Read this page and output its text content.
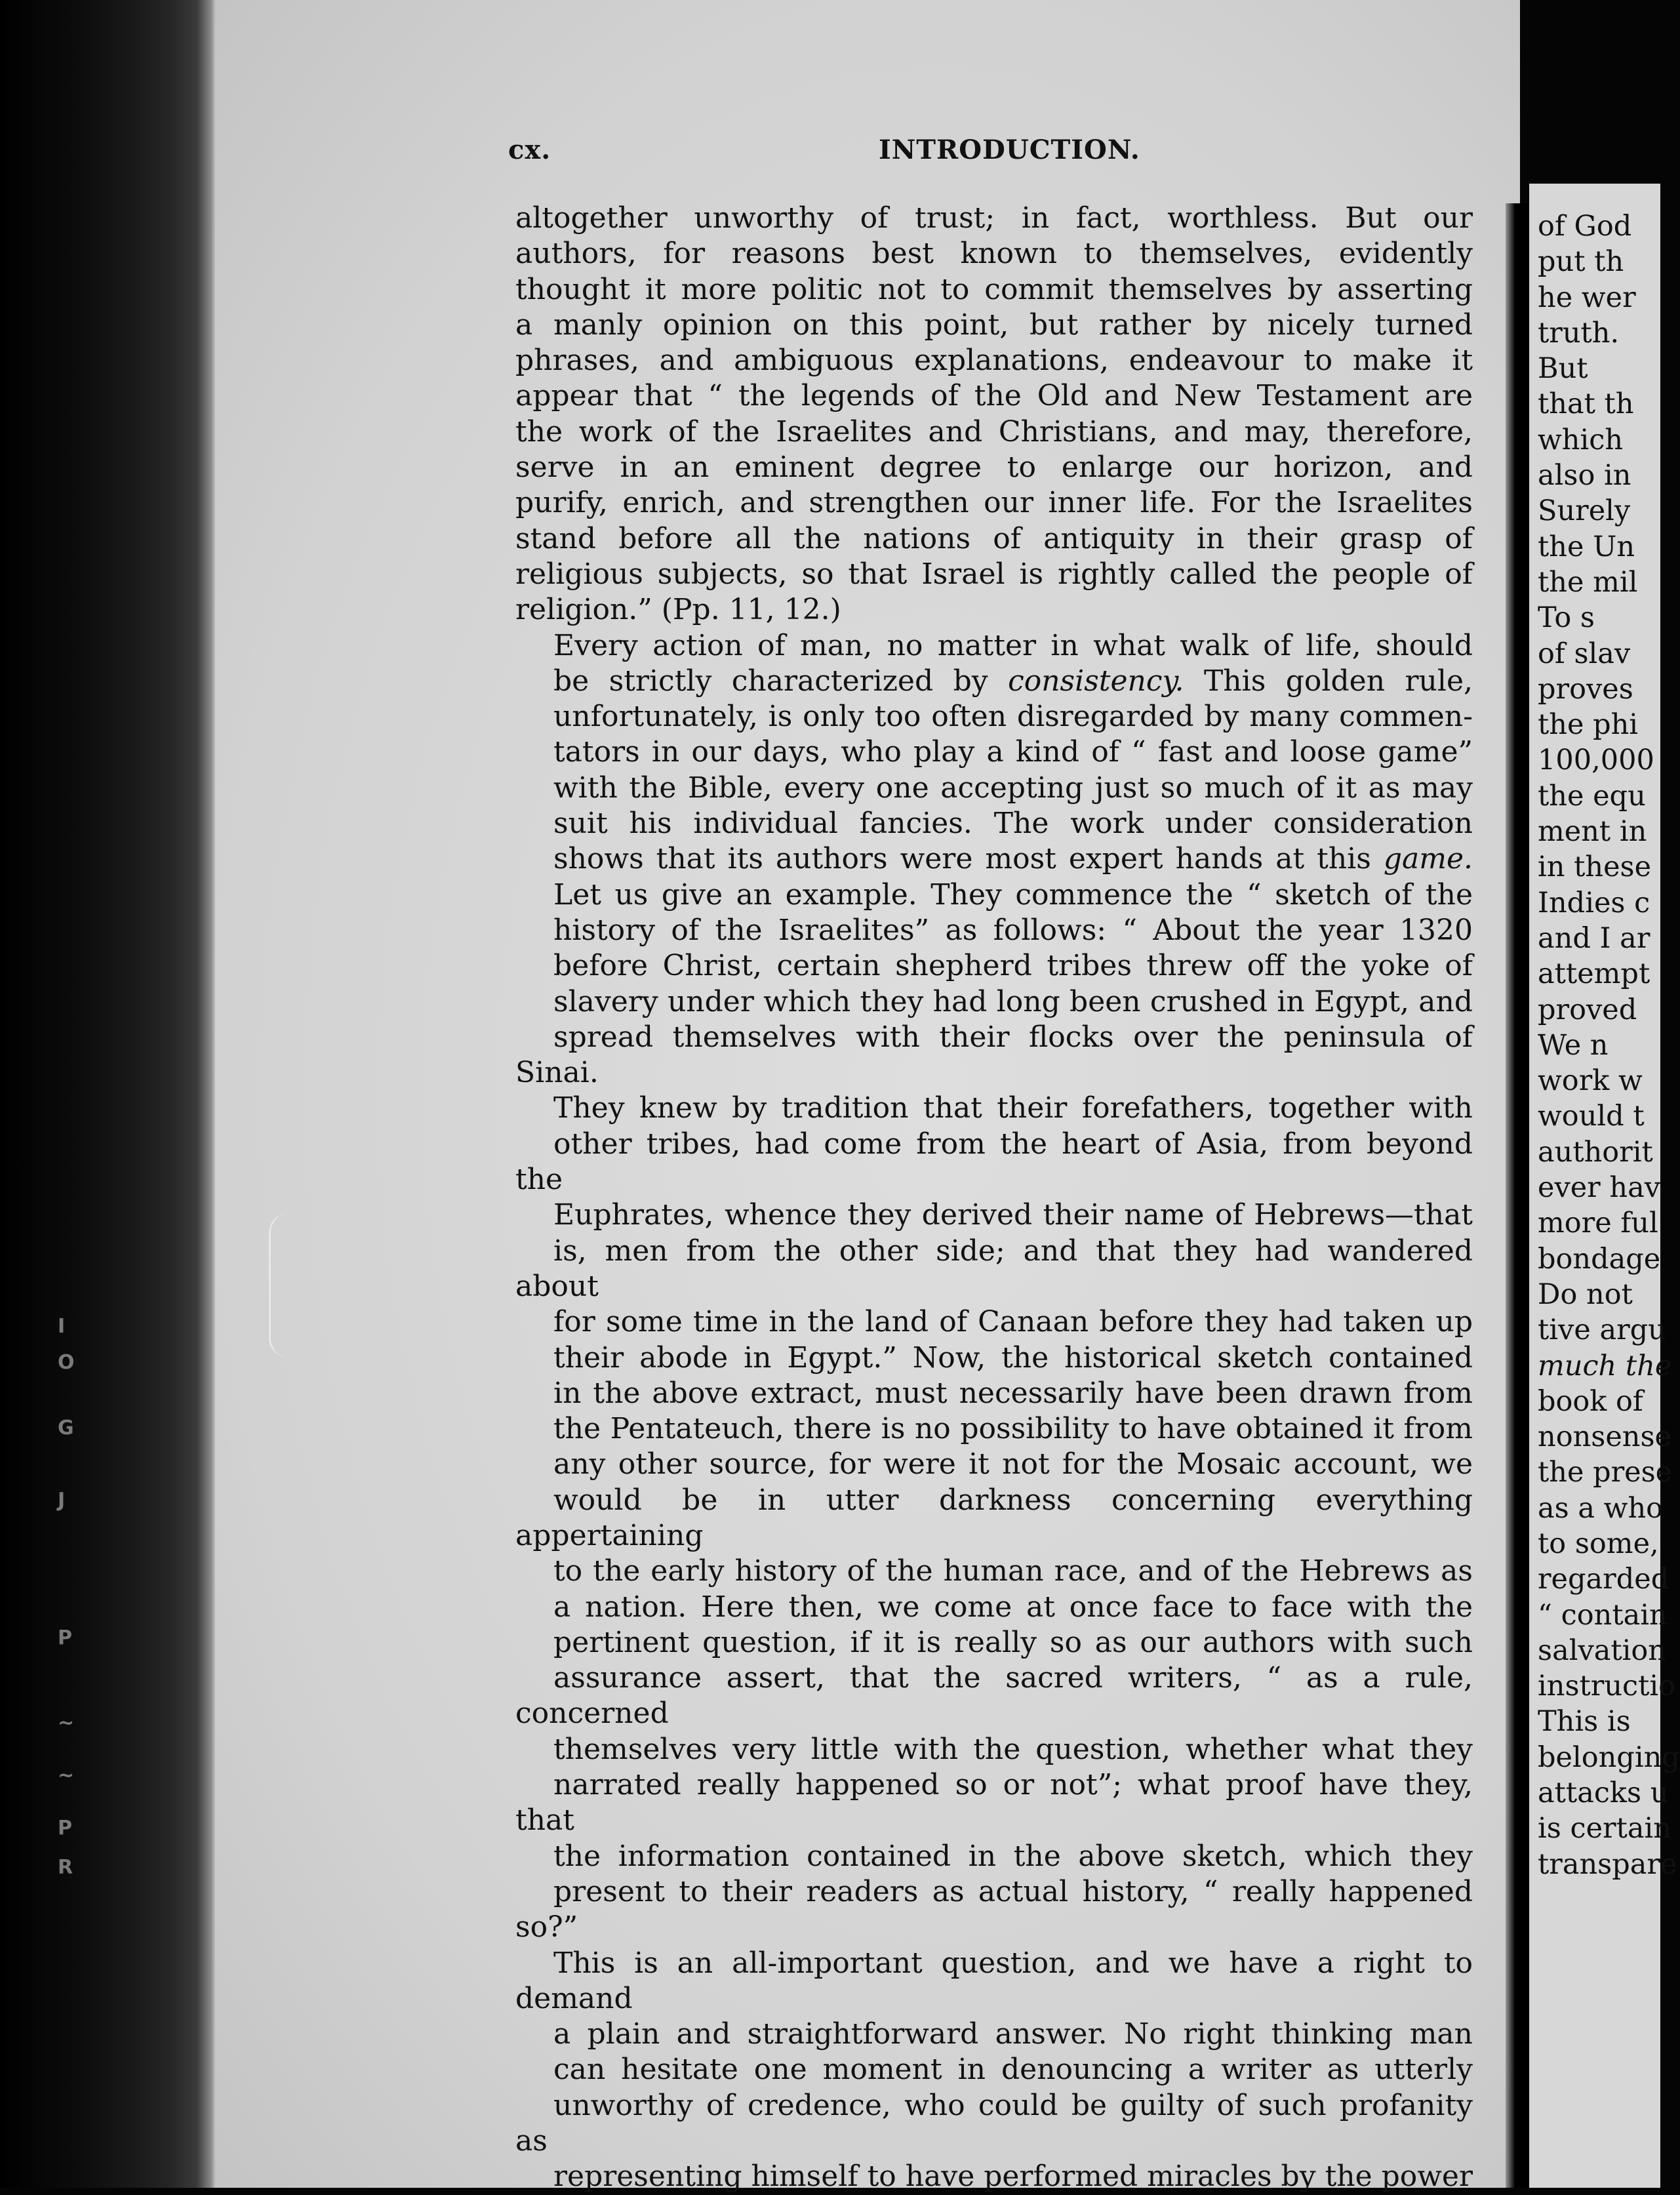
I
O
G
J
P
~
~
P
R
cx.	INTRODUCTION.

altogether unworthy of trust; in fact, worthless. But our
authors, for reasons best known to themselves, evidently
thought it more politic not to commit themselves by asserting
a manly opinion on this point, but rather by nicely turned
phrases, and ambiguous explanations, endeavour to make it
appear that “ the legends of the Old and New Testament are
the work of the Israelites and Christians, and may, therefore,
serve in an eminent degree to enlarge our horizon, and
purify, enrich, and strengthen our inner life. For the Israelites
stand before all the nations of antiquity in their grasp of
religious subjects, so that Israel is rightly called the people of
religion.” (Pp. 11, 12.)

Every action of man, no matter in what walk of life, should
be strictly characterized by consistency. This golden rule,
unfortunately, is only too often disregarded by many commen-
tators in our days, who play a kind of “ fast and loose game”
with the Bible, every one accepting just so much of it as may
suit his individual fancies. The work under consideration
shows that its authors were most expert hands at this game.
Let us give an example. They commence the “ sketch of the
history of the Israelites” as follows: “ About the year 1320
before Christ, certain shepherd tribes threw off the yoke of
slavery under which they had long been crushed in Egypt, and
spread themselves with their flocks over the peninsula of Sinai.
They knew by tradition that their forefathers, together with
other tribes, had come from the heart of Asia, from beyond the
Euphrates, whence they derived their name of Hebrews—that
is, men from the other side; and that they had wandered about
for some time in the land of Canaan before they had taken up
their abode in Egypt.” Now, the historical sketch contained
in the above extract, must necessarily have been drawn from
the Pentateuch, there is no possibility to have obtained it from
any other source, for were it not for the Mosaic account, we
would be in utter darkness concerning everything appertaining
to the early history of the human race, and of the Hebrews as
a nation. Here then, we come at once face to face with the
pertinent question, if it is really so as our authors with such
assurance assert, that the sacred writers, “ as a rule, concerned
themselves very little with the question, whether what they
narrated really happened so or not”; what proof have they, that
the information contained in the above sketch, which they
present to their readers as actual history, “ really happened so?”
This is an all-important question, and we have a right to demand
a plain and straightforward answer. No right thinking man
can hesitate one moment in denouncing a writer as utterly
unworthy of credence, who could be guilty of such profanity as
representing himself to have performed miracles by the power

of God
put th
he wer
truth.
But
that th
which
also in
Surely
the Un
the mil
To s
of slav
proves
the phi
100,000
the equ
ment in
in these
Indies c
and I ar
attempt
proved
We n
work w
would t
authorit
ever hav
more ful
bondage
Do not
tive argu
much the
book of
nonsense
the prese
as a who
to some,
regarded
“ contain
salvation
instructio
This is
belonging
attacks u
is certain
transpare
